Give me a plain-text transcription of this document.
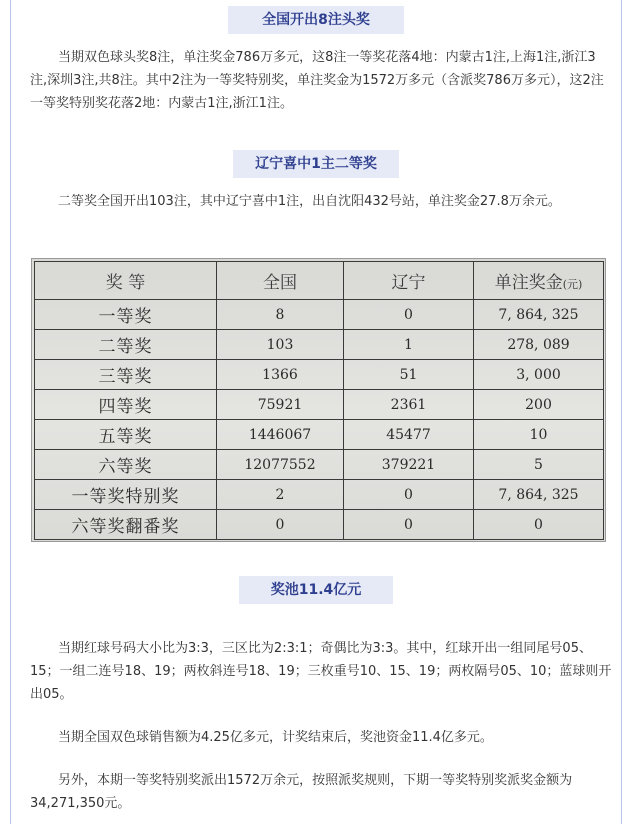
全国开出8注头奖

当期双色球头奖8注，单注奖金786万多元，这8注一等奖花落4地：内蒙古1注,上海1注,浙江3注,深圳3注,共8注。其中2注为一等奖特别奖，单注奖金为1572万多元（含派奖786万多元），这2注一等奖特别奖花落2地：内蒙古1注,浙江1注。

辽宁喜中1主二等奖

二等奖全国开出103注，其中辽宁喜中1注，出自沈阳432号站，单注奖金27.8万余元。

奖 等	全国	辽宁	单注奖金(元)
一等奖	8	0	7, 864, 325
二等奖	103	1	278, 089
三等奖	1366	51	3, 000
四等奖	75921	2361	200
五等奖	1446067	45477	10
六等奖	12077552	379221	5
一等奖特别奖	2	0	7, 864, 325
六等奖翻番奖	0	0	0
奖池11.4亿元

当期红球号码大小比为3:3，三区比为2:3:1；奇偶比为3:3。其中，红球开出一组同尾号05、15；一组二连号18、19；两枚斜连号18、19；三枚重号10、15、19；两枚隔号05、10；蓝球则开出05。

当期全国双色球销售额为4.25亿多元，计奖结束后，奖池资金11.4亿多元。

另外，本期一等奖特别奖派出1572万余元，按照派奖规则，下期一等奖特别奖派奖金额为34,271,350元。
